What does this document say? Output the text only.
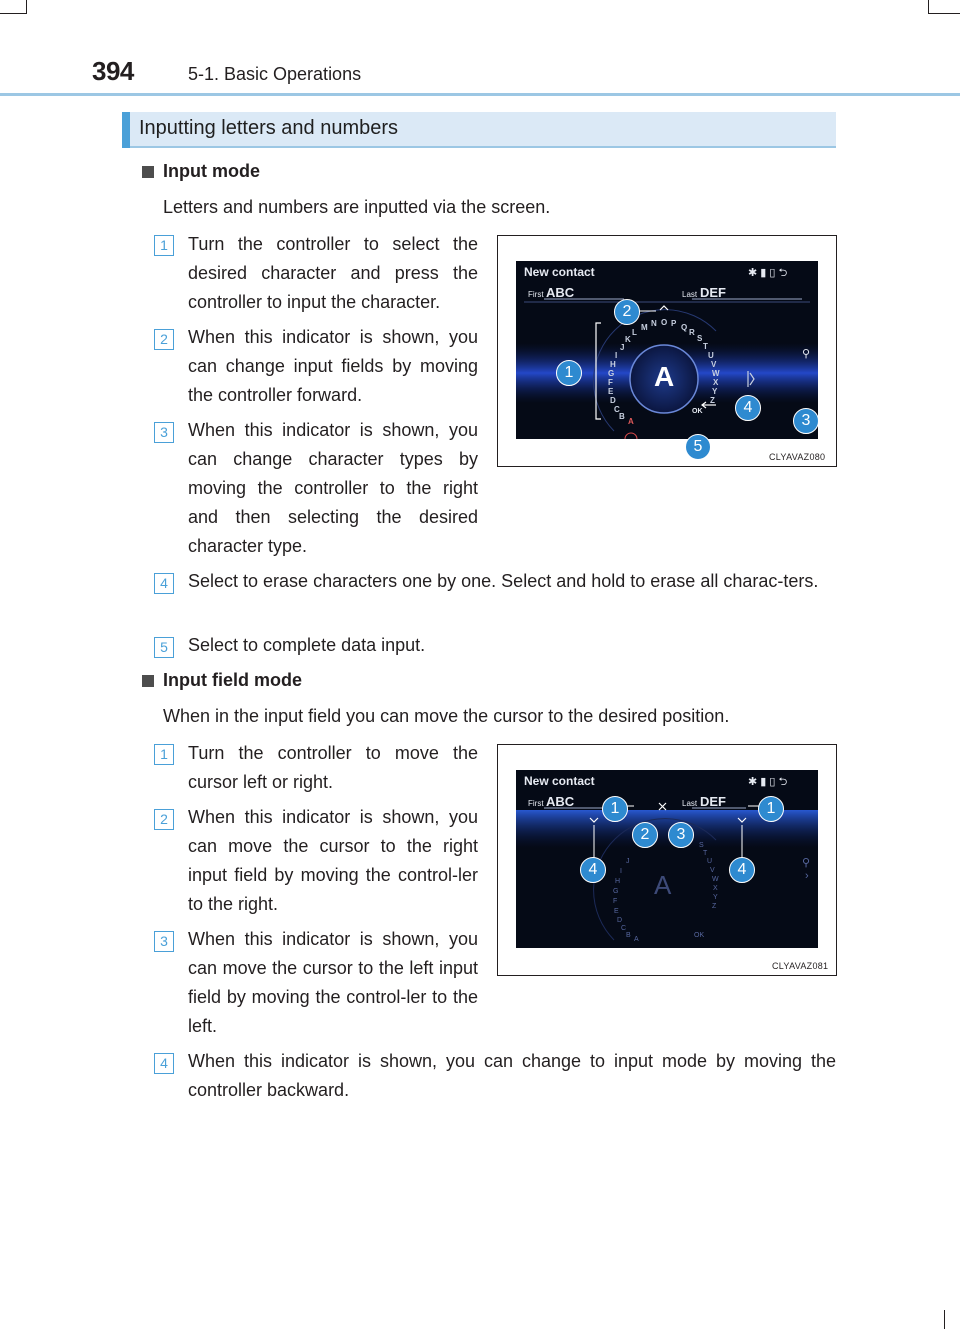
394	5-1. Basic Operations
Inputting letters and numbers
Input mode
Letters and numbers are inputted via the screen.
1	Turn the controller to select the desired character and press the controller to input the character.
2	When this indicator is shown, you can change input fields by moving the controller forward.
3	When this indicator is shown, you can change character types by moving the controller to the right and then selecting the desired character type.
4	Select to erase characters one by one. Select and hold to erase all charac-ters.
5	Select to complete data input.
New contact	✱ ▮ ▯ ⮌
First ABC	Last DEF
A
OK
J
K
L
M N O P Q
R
S
T
U
V
W
X
Y
Z
I
H
G
F
E
D
C
B
A
⚲
1
2
3
4
5
CLYAVAZ080
Input field mode
When in the input field you can move the cursor to the desired position.
1	Turn the controller to move the cursor left or right.
2	When this indicator is shown, you can move the cursor to the right input field by moving the control-ler to the right.
3	When this indicator is shown, you can move the cursor to the left input field by moving the control-ler to the left.
4	When this indicator is shown, you can change to input mode by moving the controller backward.
New contact	✱ ▮ ▯ ⮌
First ABC	Last DEF
A
J
I
H
G
F
E
D
C
B
A
S
T
U
V
W
X
Y
Z
OK
⚲
›
1	1
2	3
4	4
CLYAVAZ081
